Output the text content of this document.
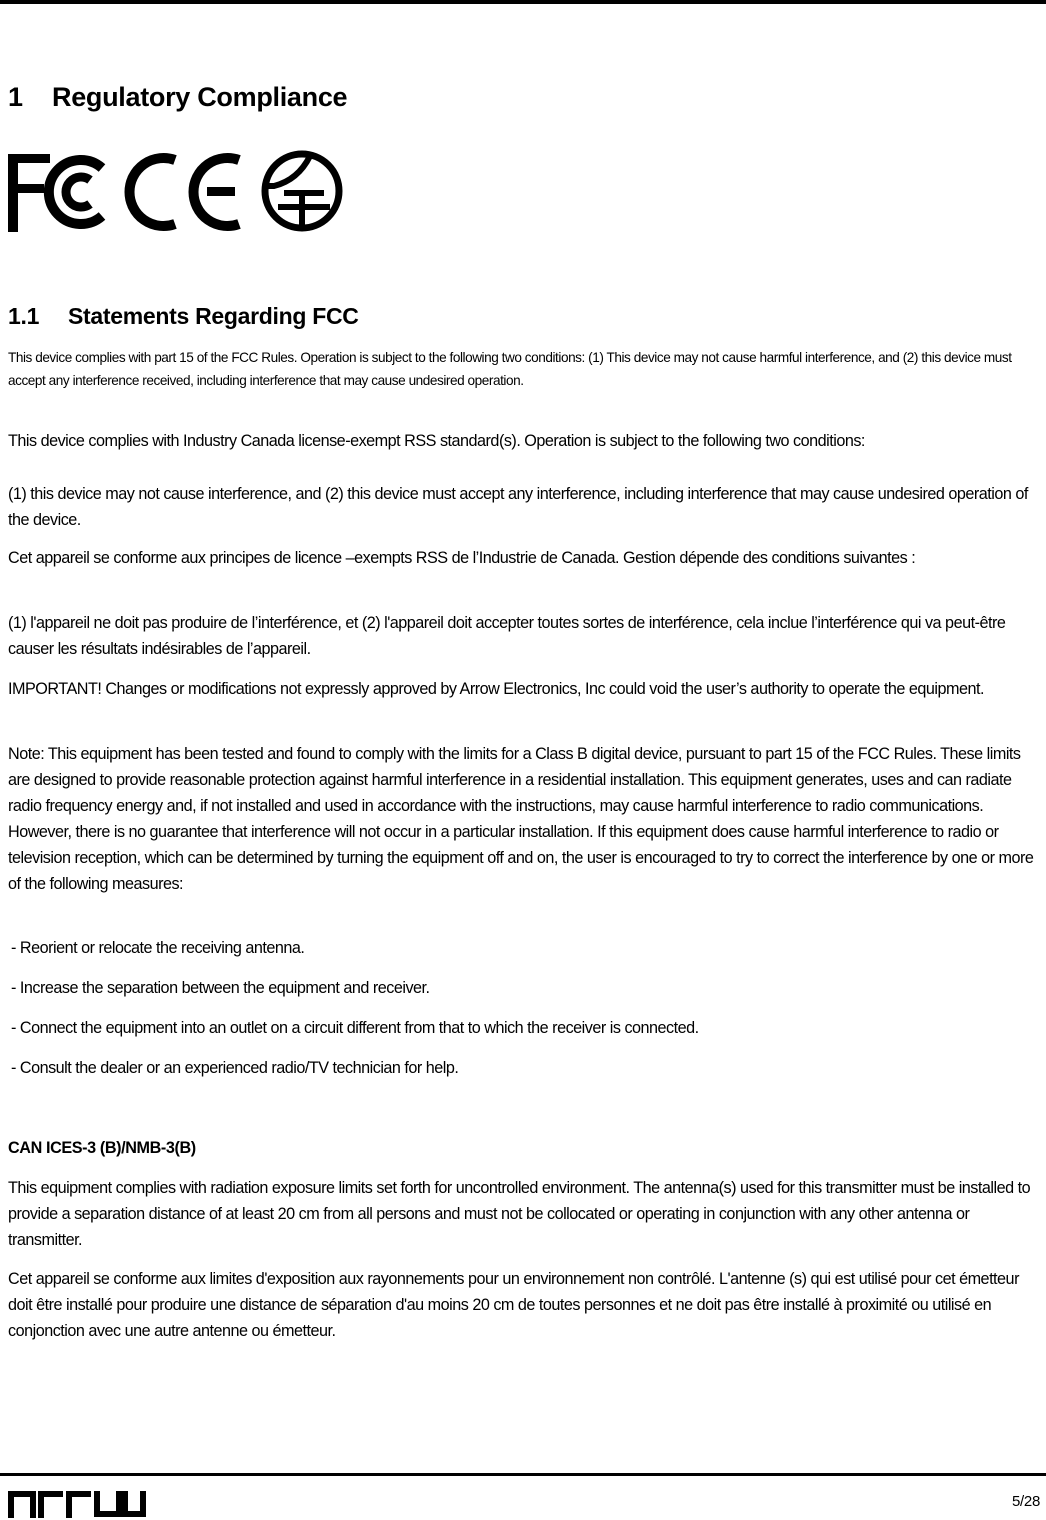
1 Regulatory Compliance
1.1 Statements Regarding FCC
This device complies with part 15 of the FCC Rules. Operation is subject to the following two conditions: (1) This device may not cause harmful interference, and (2) this device must accept any interference received, including interference that may cause undesired operation.
This device complies with Industry Canada license-exempt RSS standard(s). Operation is subject to the following two conditions:
(1) this device may not cause interference, and (2) this device must accept any interference, including interference that may cause undesired operation of the device.
Cet appareil se conforme aux principes de licence –exempts RSS de l’Industrie de Canada. Gestion dépende des conditions suivantes :
(1) l'appareil ne doit pas produire de l’interférence, et (2) l'appareil doit accepter toutes sortes de interférence, cela inclue l’interférence qui va peut-être causer les résultats indésirables de l’appareil.
IMPORTANT! Changes or modifications not expressly approved by Arrow Electronics, Inc could void the user’s authority to operate the equipment.
Note: This equipment has been tested and found to comply with the limits for a Class B digital device, pursuant to part 15 of the FCC Rules. These limits are designed to provide reasonable protection against harmful interference in a residential installation. This equipment generates, uses and can radiate radio frequency energy and, if not installed and used in accordance with the instructions, may cause harmful interference to radio communications. However, there is no guarantee that interference will not occur in a particular installation. If this equipment does cause harmful interference to radio or television reception, which can be determined by turning the equipment off and on, the user is encouraged to try to correct the interference by one or more of the following measures:
- Reorient or relocate the receiving antenna.
- Increase the separation between the equipment and receiver.
- Connect the equipment into an outlet on a circuit different from that to which the receiver is connected.
- Consult the dealer or an experienced radio/TV technician for help.
CAN ICES-3 (B)/NMB-3(B)
This equipment complies with radiation exposure limits set forth for uncontrolled environment. The antenna(s) used for this transmitter must be installed to provide a separation distance of at least 20 cm from all persons and must not be collocated or operating in conjunction with any other antenna or transmitter.
Cet appareil se conforme aux limites d'exposition aux rayonnements pour un environnement non contrôlé. L'antenne (s) qui est utilisé pour cet émetteur doit être installé pour produire une distance de séparation d'au moins 20 cm de toutes personnes et ne doit pas être installé à proximité ou utilisé en conjonction avec une autre antenne ou émetteur.
5/28
